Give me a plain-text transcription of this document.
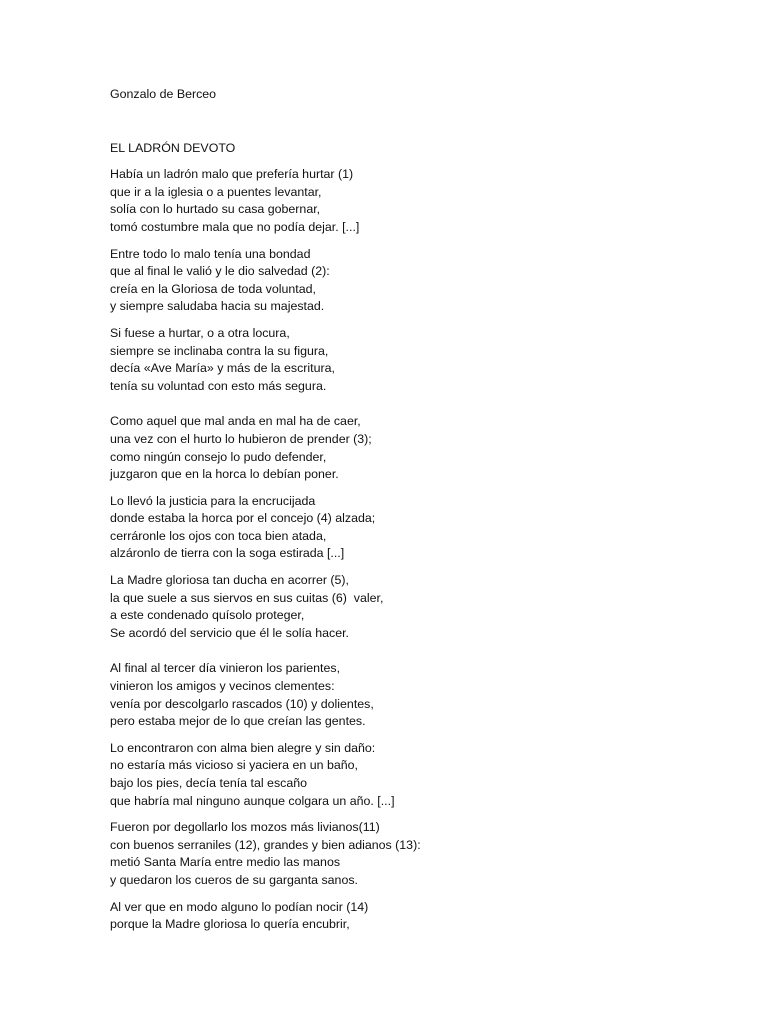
Gonzalo de Berceo
EL LADRÓN DEVOTO
Había un ladrón malo que prefería hurtar (1)
que ir a la iglesia o a puentes levantar,
solía con lo hurtado su casa gobernar,
tomó costumbre mala que no podía dejar. [...]
Entre todo lo malo tenía una bondad
que al final le valió y le dio salvedad (2):
creía en la Gloriosa de toda voluntad,
y siempre saludaba hacia su majestad.
Si fuese a hurtar, o a otra locura,
siempre se inclinaba contra la su figura,
decía «Ave María» y más de la escritura,
tenía su voluntad con esto más segura.
Como aquel que mal anda en mal ha de caer,
una vez con el hurto lo hubieron de prender (3);
como ningún consejo lo pudo defender,
juzgaron que en la horca lo debían poner.
Lo llevó la justicia para la encrucijada
donde estaba la horca por el concejo (4) alzada;
cerráronle los ojos con toca bien atada,
alzáronlo de tierra con la soga estirada [...]
La Madre gloriosa tan ducha en acorrer (5),
la que suele a sus siervos en sus cuitas (6)  valer,
a este condenado quísolo proteger,
Se acordó del servicio que él le solía hacer.
Al final al tercer día vinieron los parientes,
vinieron los amigos y vecinos clementes:
venía por descolgarlo rascados (10) y dolientes,
pero estaba mejor de lo que creían las gentes.
Lo encontraron con alma bien alegre y sin daño:
no estaría más vicioso si yaciera en un baño,
bajo los pies, decía tenía tal escaño
que habría mal ninguno aunque colgara un año. [...]
Fueron por degollarlo los mozos más livianos(11)
con buenos serraniles (12), grandes y bien adianos (13):
metió Santa María entre medio las manos
y quedaron los cueros de su garganta sanos.
Al ver que en modo alguno lo podían nocir (14)
porque la Madre gloriosa lo quería encubrir,
